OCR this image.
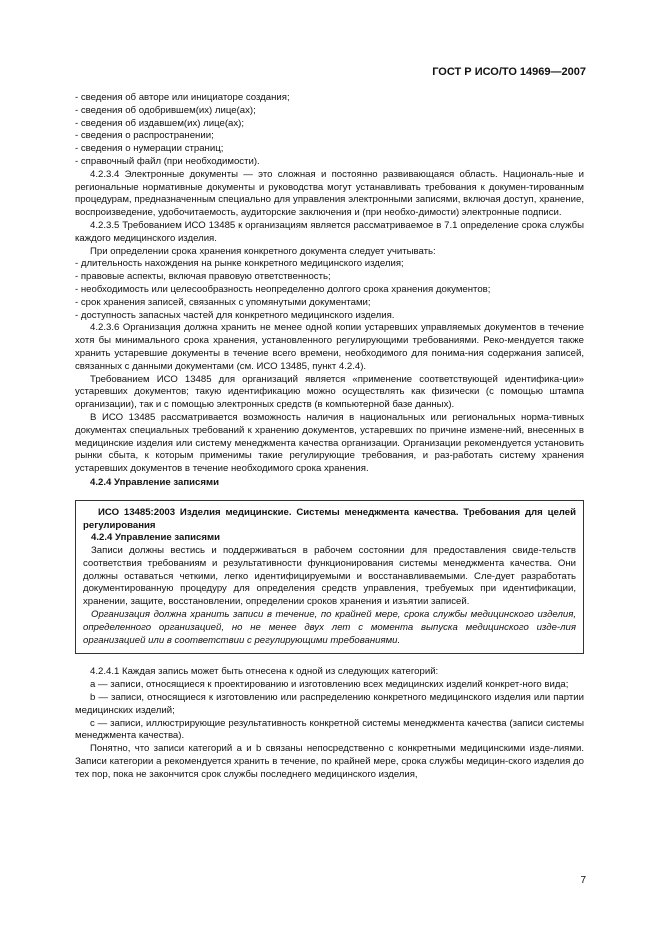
ГОСТ Р ИСО/ТО 14969—2007

- сведения об авторе или инициаторе создания;

- сведения об одобрившем(их) лице(ах);

- сведения об издавшем(их) лице(ах);

- сведения о распространении;

- сведения о нумерации страниц;

- справочный файл (при необходимости).

4.2.3.4 Электронные документы — это сложная и постоянно развивающаяся область. Националь-ные и региональные нормативные документы и руководства могут устанавливать требования к докумен-тированным процедурам, предназначенным специально для управления электронными записями, включая доступ, хранение, воспроизведение, удобочитаемость, аудиторские заключения и (при необхо-димости) электронные подписи.

4.2.3.5 Требованием ИСО 13485 к организациям является рассматриваемое в 7.1 определение срока службы каждого медицинского изделия.

При определении срока хранения конкретного документа следует учитывать:

- длительность нахождения на рынке конкретного медицинского изделия;

- правовые аспекты, включая правовую ответственность;

- необходимость или целесообразность неопределенно долгого срока хранения документов;

- срок хранения записей, связанных с упомянутыми документами;

- доступность запасных частей для конкретного медицинского изделия.

4.2.3.6 Организация должна хранить не менее одной копии устаревших управляемых документов в течение хотя бы минимального срока хранения, установленного регулирующими требованиями. Реко-мендуется также хранить устаревшие документы в течение всего времени, необходимого для понима-ния содержания записей, связанных с данными документами (см. ИСО 13485, пункт 4.2.4).

Требованием ИСО 13485 для организаций является «применение соответствующей идентифика-ции» устаревших документов; такую идентификацию можно осуществлять как физически (с помощью штампа организации), так и с помощью электронных средств (в компьютерной базе данных).

В ИСО 13485 рассматривается возможность наличия в национальных или региональных норма-тивных документах специальных требований к хранению документов, устаревших по причине измене-ний, внесенных в медицинские изделия или систему менеджмента качества организации. Организации рекомендуется установить рынки сбыта, к которым применимы такие регулирующие требования, и раз-работать систему хранения устаревших документов в течение необходимого срока хранения.

4.2.4 Управление записями

ИСО 13485:2003 Изделия медицинские. Системы менеджмента качества. Требования для целей регулирования

4.2.4 Управление записями

Записи должны вестись и поддерживаться в рабочем состоянии для предоставления свиде-тельств соответствия требованиям и результативности функционирования системы менеджмента качества. Они должны оставаться четкими, легко идентифицируемыми и восстанавливаемыми. Сле-дует разработать документированную процедуру для определения средств управления, требуемых при идентификации, хранении, защите, восстановлении, определении сроков хранения и изъятии записей.

Организация должна хранить записи в течение, по крайней мере, срока службы медицинского изделия, определенного организацией, но не менее двух лет с момента выпуска медицинского изде-лия организацией или в соответствии с регулирующими требованиями.

4.2.4.1 Каждая запись может быть отнесена к одной из следующих категорий:

а — записи, относящиеся к проектированию и изготовлению всех медицинских изделий конкрет-ного вида;

b — записи, относящиеся к изготовлению или распределению конкретного медицинского изделия или партии медицинских изделий;

с — записи, иллюстрирующие результативность конкретной системы менеджмента качества (записи системы менеджмента качества).

Понятно, что записи категорий a и b связаны непосредственно с конкретными медицинскими изде-лиями. Записи категории а рекомендуется хранить в течение, по крайней мере, срока службы медицин-ского изделия до тех пор, пока не закончится срок службы последнего медицинского изделия,

7
